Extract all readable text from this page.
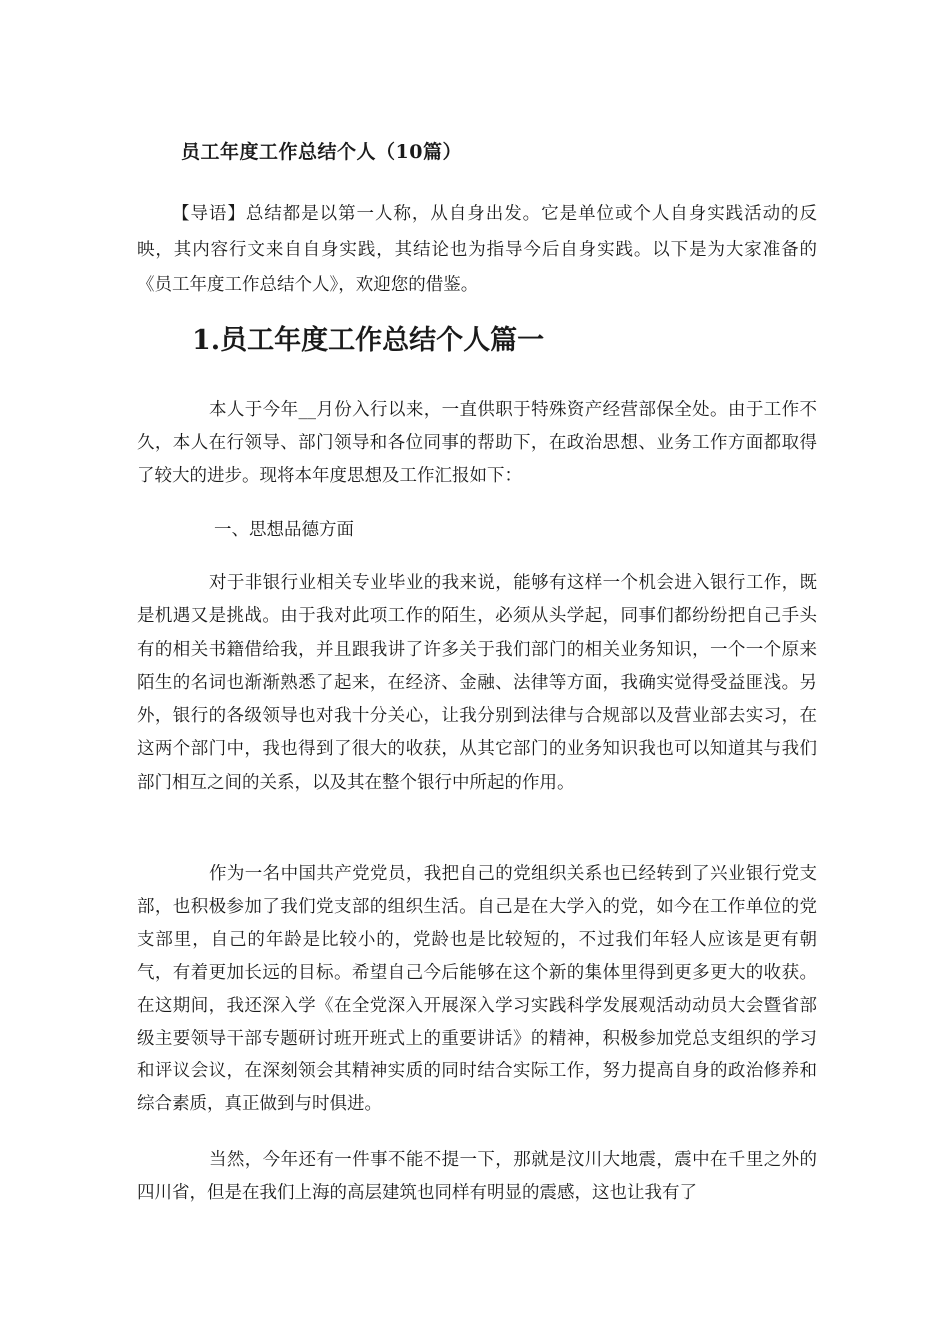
员工年度工作总结个人（10篇）

【导语】总结都是以第一人称，从自身出发。它是单位或个人自身实践活动的反映，其内容行文来自自身实践，其结论也为指导今后自身实践。以下是为大家准备的《员工年度工作总结个人》，欢迎您的借鉴。

1.员工年度工作总结个人篇一

本人于今年__月份入行以来，一直供职于特殊资产经营部保全处。由于工作不久，本人在行领导、部门领导和各位同事的帮助下，在政治思想、业务工作方面都取得了较大的进步。现将本年度思想及工作汇报如下：

一、思想品德方面

对于非银行业相关专业毕业的我来说，能够有这样一个机会进入银行工作，既是机遇又是挑战。由于我对此项工作的陌生，必须从头学起，同事们都纷纷把自己手头有的相关书籍借给我，并且跟我讲了许多关于我们部门的相关业务知识，一个一个原来陌生的名词也渐渐熟悉了起来，在经济、金融、法律等方面，我确实觉得受益匪浅。另外，银行的各级领导也对我十分关心，让我分别到法律与合规部以及营业部去实习，在这两个部门中，我也得到了很大的收获，从其它部门的业务知识我也可以知道其与我们部门相互之间的关系，以及其在整个银行中所起的作用。

作为一名中国共产党党员，我把自己的党组织关系也已经转到了兴业银行党支部，也积极参加了我们党支部的组织生活。自己是在大学入的党，如今在工作单位的党支部里，自己的年龄是比较小的，党龄也是比较短的，不过我们年轻人应该是更有朝气，有着更加长远的目标。希望自己今后能够在这个新的集体里得到更多更大的收获。在这期间，我还深入学《在全党深入开展深入学习实践科学发展观活动动员大会暨省部级主要领导干部专题研讨班开班式上的重要讲话》的精神，积极参加党总支组织的学习和评议会议，在深刻领会其精神实质的同时结合实际工作，努力提高自身的政治修养和综合素质，真正做到与时俱进。

当然，今年还有一件事不能不提一下，那就是汶川大地震，震中在千里之外的四川省，但是在我们上海的高层建筑也同样有明显的震感，这也让我有了
